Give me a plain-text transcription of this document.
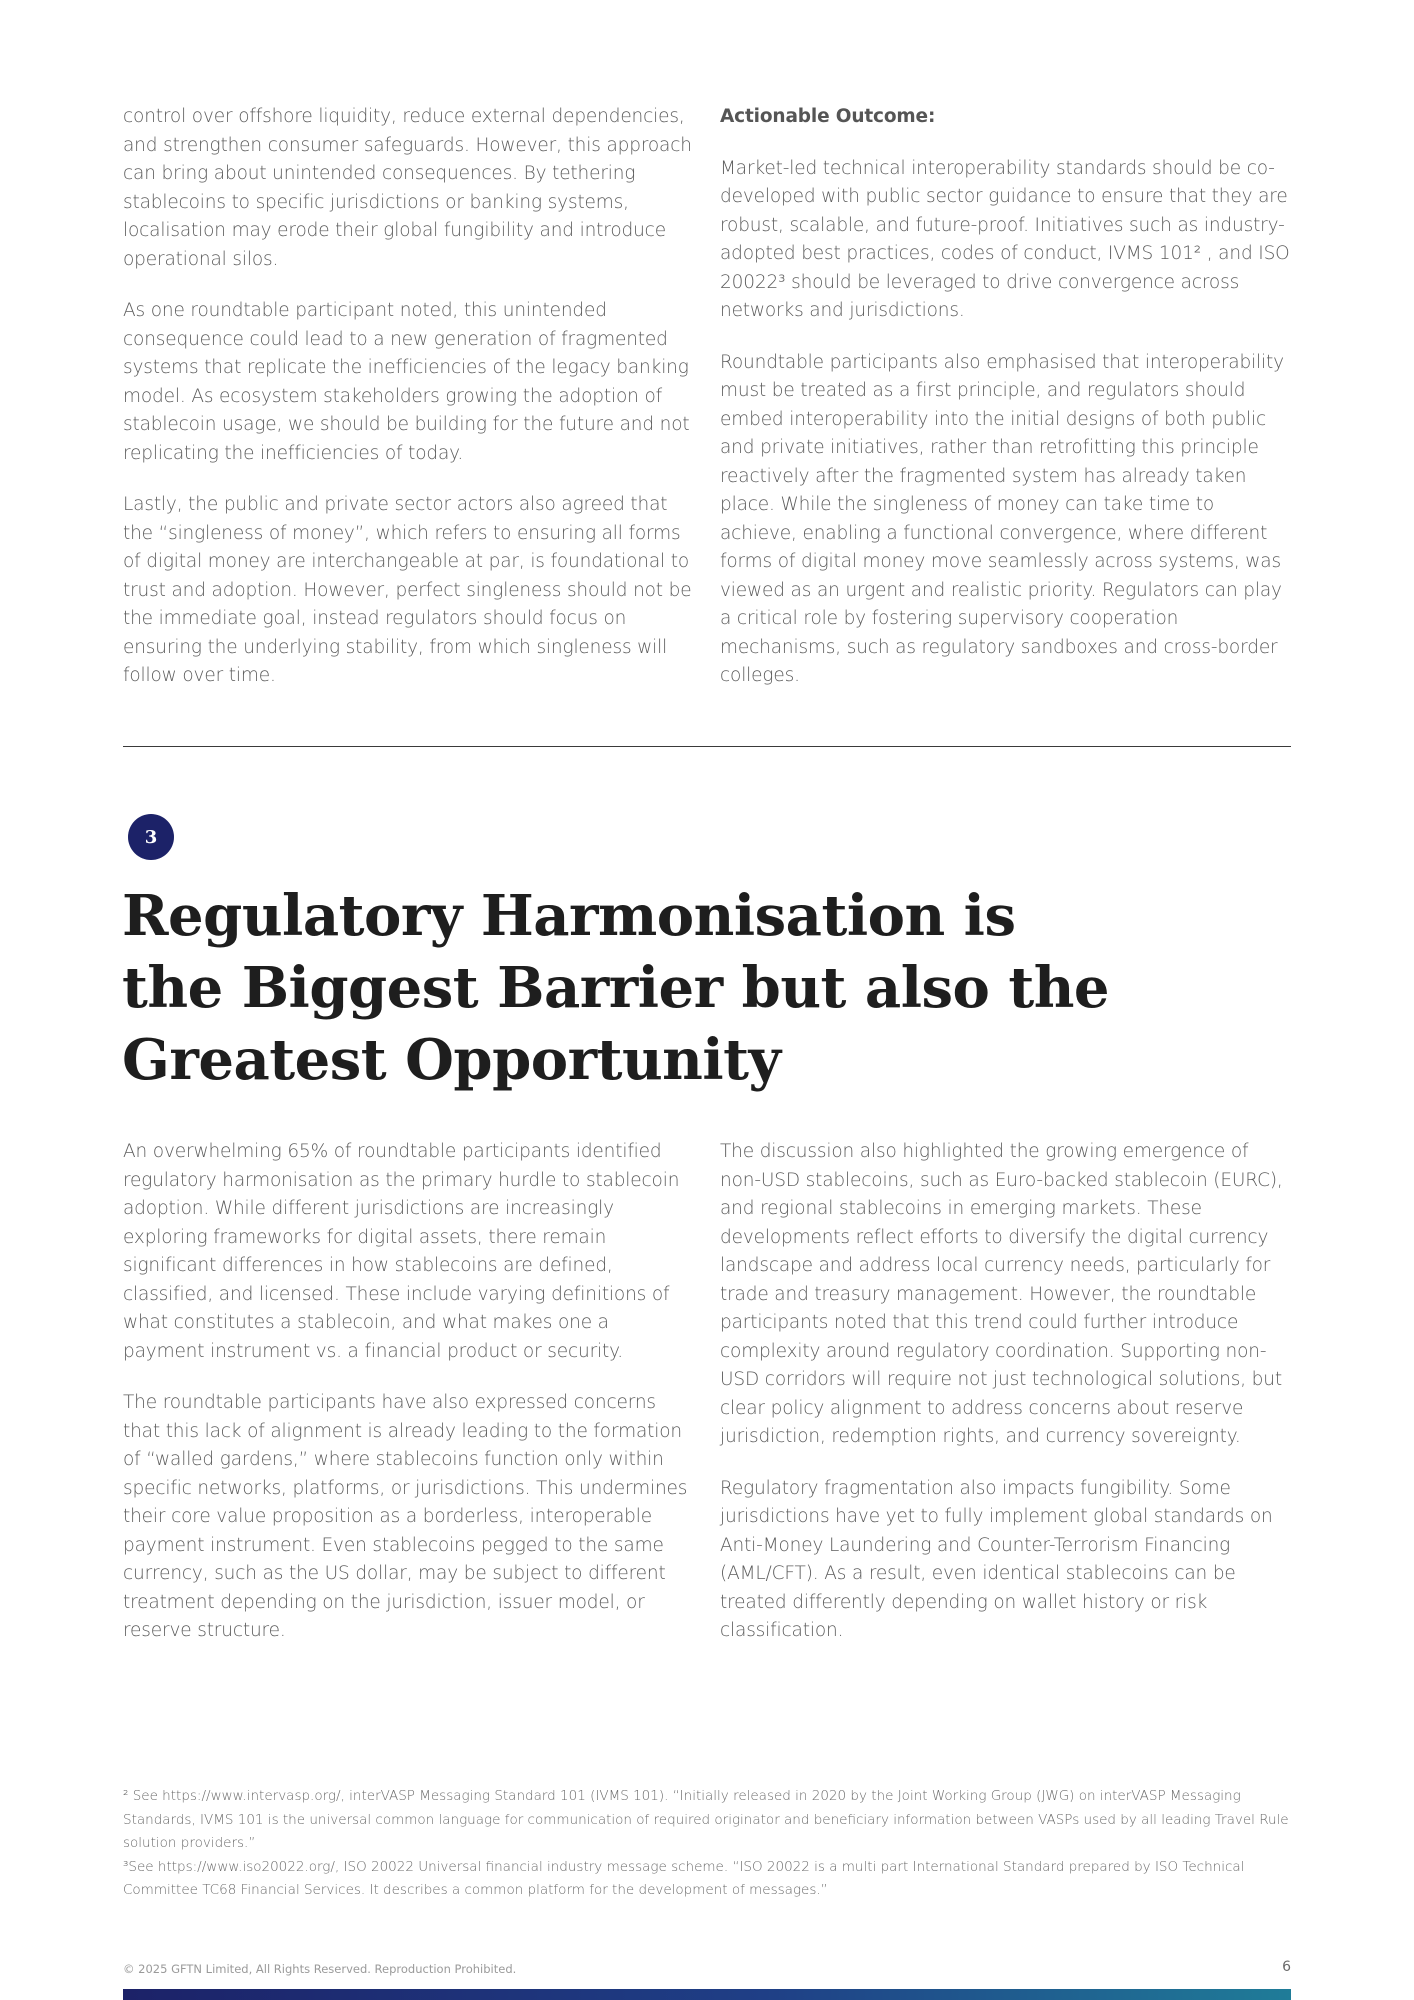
control over offshore liquidity, reduce external dependencies, and strengthen consumer safeguards. However, this approach can bring about unintended consequences. By tethering stablecoins to specific jurisdictions or banking systems, localisation may erode their global fungibility and introduce operational silos.

As one roundtable participant noted, this unintended consequence could lead to a new generation of fragmented systems that replicate the inefficiencies of the legacy banking model. As ecosystem stakeholders growing the adoption of stablecoin usage, we should be building for the future and not replicating the inefficiencies of today.

Lastly, the public and private sector actors also agreed that the “singleness of money”, which refers to ensuring all forms of digital money are interchangeable at par, is foundational to trust and adoption. However, perfect singleness should not be the immediate goal, instead regulators should focus on ensuring the underlying stability, from which singleness will follow over time.

Actionable Outcome:

Market-led technical interoperability standards should be co-developed with public sector guidance to ensure that they are robust, scalable, and future-proof. Initiatives such as industry-adopted best practices, codes of conduct, IVMS 101² , and ISO 20022³ should be leveraged to drive convergence across networks and jurisdictions.

Roundtable participants also emphasised that interoperability must be treated as a first principle, and regulators should embed interoperability into the initial designs of both public and private initiatives, rather than retrofitting this principle reactively after the fragmented system has already taken place. While the singleness of money can take time to achieve, enabling a functional convergence, where different forms of digital money move seamlessly across systems, was viewed as an urgent and realistic priority. Regulators can play a critical role by fostering supervisory cooperation mechanisms, such as regulatory sandboxes and cross-border colleges.

3
Regulatory Harmonisation is
the Biggest Barrier but also the
Greatest Opportunity

An overwhelming 65% of roundtable participants identified regulatory harmonisation as the primary hurdle to stablecoin adoption. While different jurisdictions are increasingly exploring frameworks for digital assets, there remain significant differences in how stablecoins are defined, classified, and licensed. These include varying definitions of what constitutes a stablecoin, and what makes one a payment instrument vs. a financial product or security.

The roundtable participants have also expressed concerns that this lack of alignment is already leading to the formation of “walled gardens,” where stablecoins function only within specific networks, platforms, or jurisdictions. This undermines their core value proposition as a borderless, interoperable payment instrument. Even stablecoins pegged to the same currency, such as the US dollar, may be subject to different treatment depending on the jurisdiction, issuer model, or reserve structure.

The discussion also highlighted the growing emergence of non-USD stablecoins, such as Euro-backed stablecoin (EURC), and regional stablecoins in emerging markets. These developments reflect efforts to diversify the digital currency landscape and address local currency needs, particularly for trade and treasury management. However, the roundtable participants noted that this trend could further introduce complexity around regulatory coordination. Supporting non-USD corridors will require not just technological solutions, but clear policy alignment to address concerns about reserve jurisdiction, redemption rights, and currency sovereignty.

Regulatory fragmentation also impacts fungibility. Some jurisdictions have yet to fully implement global standards on Anti-Money Laundering and Counter-Terrorism Financing (AML/CFT). As a result, even identical stablecoins can be treated differently depending on wallet history or risk classification.

² See https://www.intervasp.org/, interVASP Messaging Standard 101 (IVMS 101). “Initially released in 2020 by the Joint Working Group (JWG) on interVASP Messaging Standards, IVMS 101 is the universal common language for communication of required originator and beneficiary information between VASPs used by all leading Travel Rule solution providers.”

³See https://www.iso20022.org/, ISO 20022 Universal financial industry message scheme. “ISO 20022 is a multi part International Standard prepared by ISO Technical Committee TC68 Financial Services. It describes a common platform for the development of messages.”

© 2025 GFTN Limited, All Rights Reserved. Reproduction Prohibited.	6
